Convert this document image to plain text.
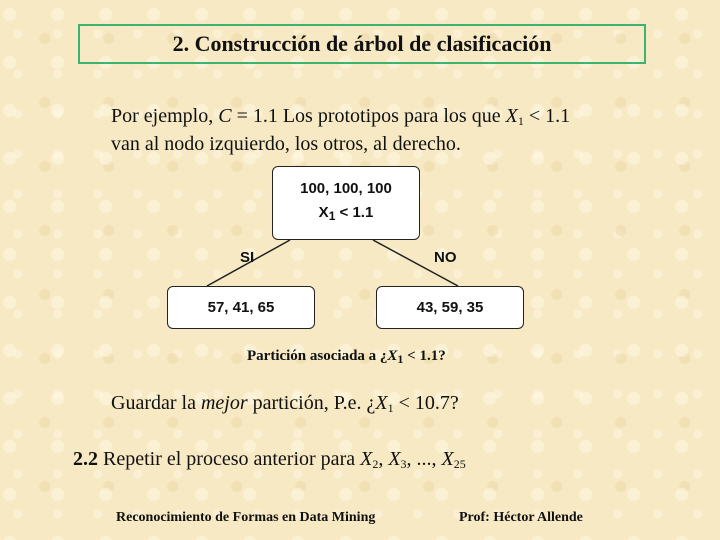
2. Construcción de árbol de clasificación
Por ejemplo, C = 1.1 Los prototipos para los que $X_1 < 1.1$
van al nodo izquierdo, los otros, al derecho.
100, 100, 100
$X_1 < 1.1$
SI	NO
57, 41, 65	43, 59, 35
Partición asociada a ¿$X_1 < 1.1$?
Guardar la mejor partición, P.e. ¿$X_1 < 10.7$?
2.2 Repetir el proceso anterior para $X_2$, $X_3$, ..., $X_{25}$
Reconocimiento de Formas en Data Mining	Prof: Héctor Allende
